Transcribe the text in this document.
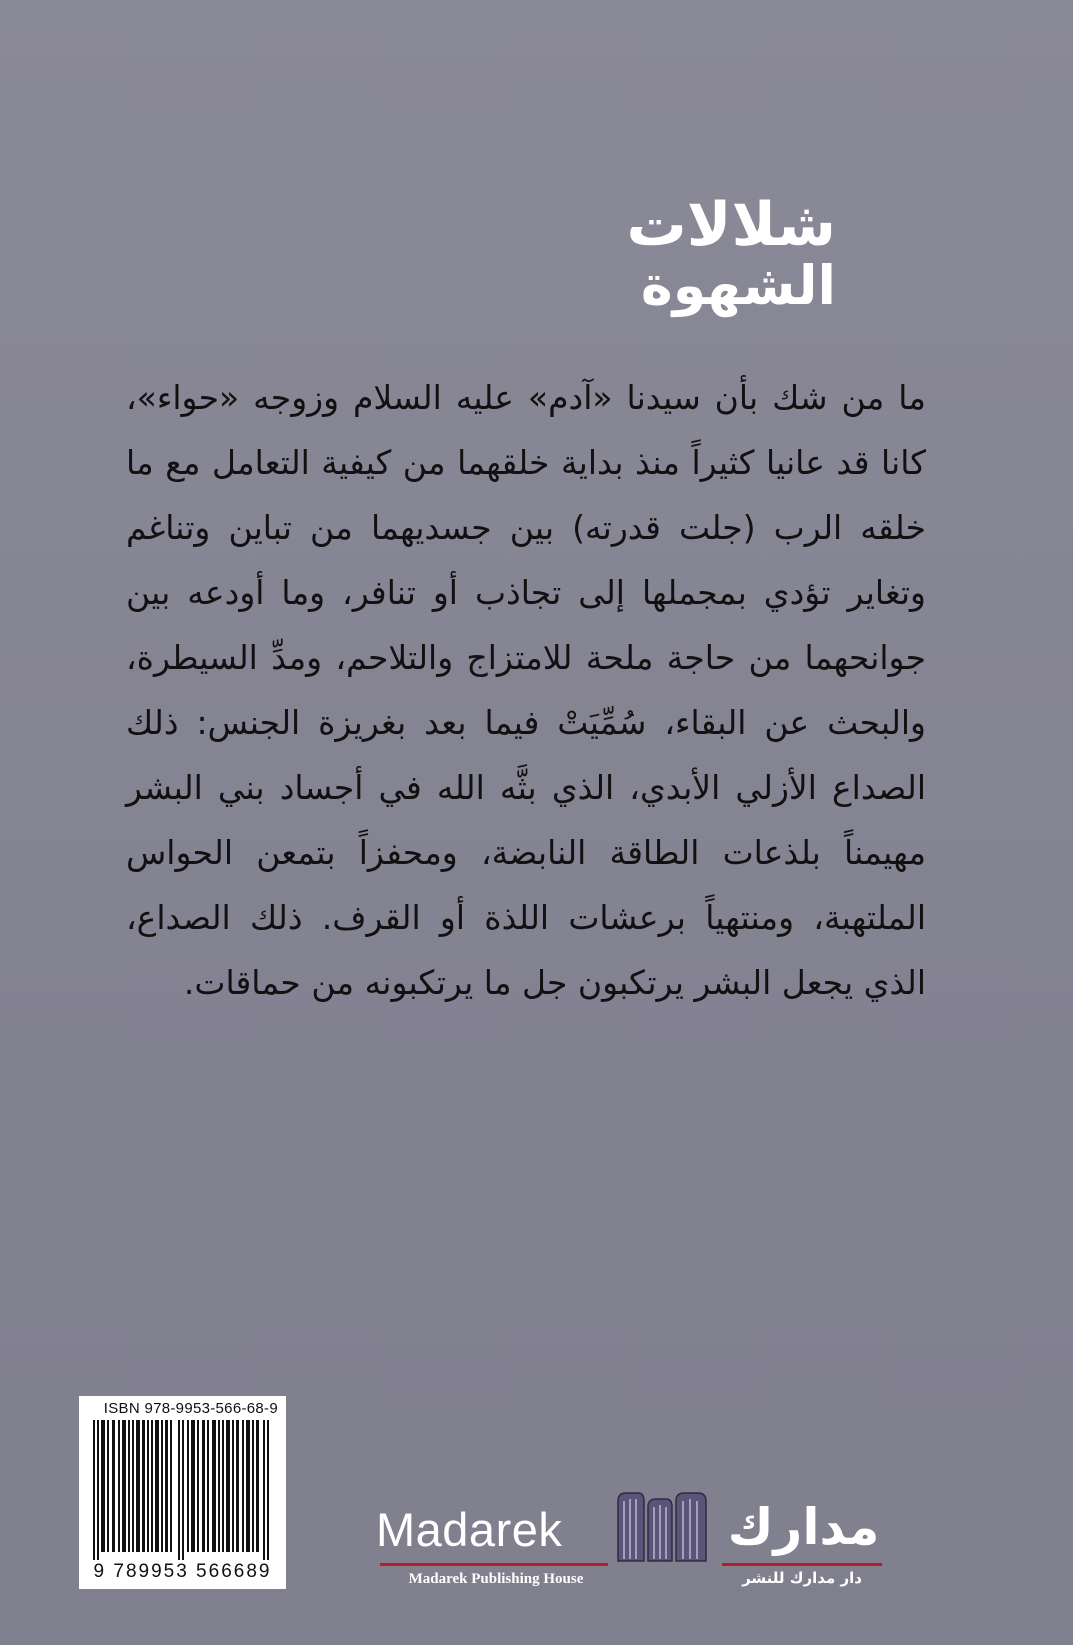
شلالات
الشهوة
ما من شك بأن سيدنا «آدم» عليه السلام وزوجه «حواء»، كانا قد عانيا كثيراً منذ بداية خلقهما من كيفية التعامل مع ما خلقه الرب (جلت قدرته) بين جسديهما من تباين وتناغم وتغاير تؤدي بمجملها إلى تجاذب أو تنافر، وما أودعه بين جوانحهما من حاجة ملحة للامتزاج والتلاحم، ومدِّ السيطرة، والبحث عن البقاء، سُمِّيَتْ فيما بعد بغريزة الجنس: ذلك الصداع الأزلي الأبدي، الذي بثَّه الله في أجساد بني البشر مهيمناً بلذعات الطاقة النابضة، ومحفزاً بتمعن الحواس الملتهبة، ومنتهياً برعشات اللذة أو القرف. ذلك الصداع، الذي يجعل البشر يرتكبون جل ما يرتكبونه من حماقات.
ISBN 978-9953-566-68-9
9 789953 566689
Madarek	مدارك
Madarek Publishing House	دار مدارك للنشر
